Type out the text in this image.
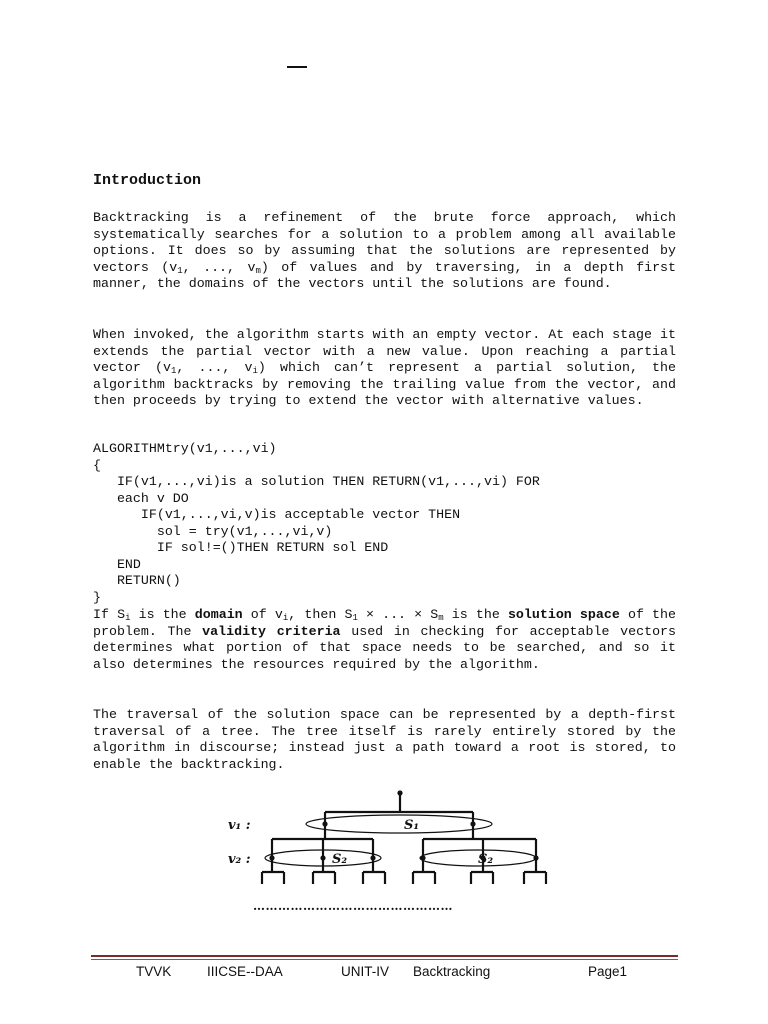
Introduction

Backtracking is a refinement of the brute force approach, which systematically searches for a solution to a problem among all available options. It does so by assuming that the solutions are represented by vectors ($v_1$, ..., $v_m$) of values and by traversing, in a depth first manner, the domains of the vectors until the solutions are found.

When invoked, the algorithm starts with an empty vector. At each stage it extends the partial vector with a new value. Upon reaching a partial vector ($v_1$, ..., $v_i$) which can’t represent a partial solution, the algorithm backtracks by removing the trailing value from the vector, and then proceeds by trying to extend the vector with alternative values.

ALGORITHMtry(v1,...,vi)
{
IF(v1,...,vi)is a solution THEN RETURN(v1,...,vi) FOR
each v DO
IF(v1,...,vi,v)is acceptable vector THEN
sol = try(v1,...,vi,v)
IF sol!=()THEN RETURN sol END
END
RETURN()
}

If $S_i$ is the domain of $v_i$, then $S_1$ × ... × $S_m$ is the solution space of the problem. The validity criteria used in checking for acceptable vectors determines what portion of that space needs to be searched, and so it also determines the resources required by the algorithm.

The traversal of the solution space can be represented by a depth-first traversal of a tree. The tree itself is rarely entirely stored by the algorithm in discourse; instead just a path toward a root is stored, to enable the backtracking.

v₁ :
v₂ :
S₁
S₂	S₂
…………………………………………
TVVK	IIICSE--DAA	UNIT-IV Backtracking	Page1
